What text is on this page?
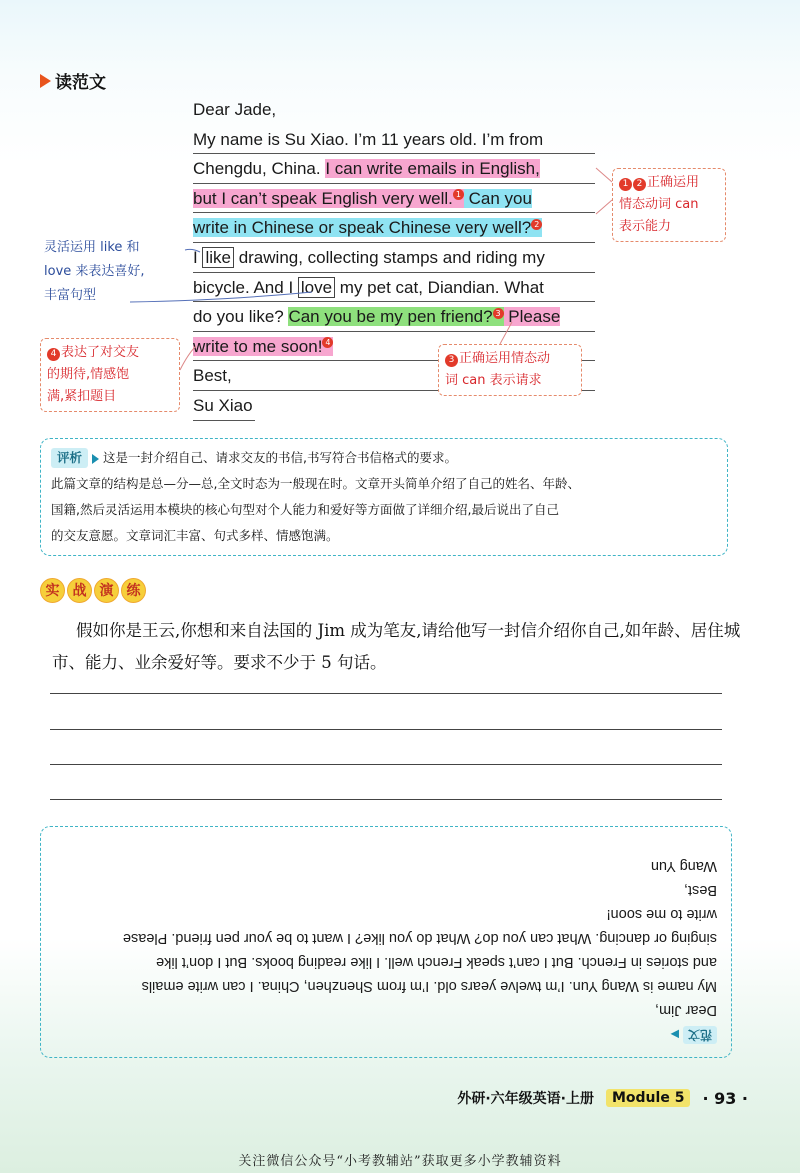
读范文
Dear Jade,
My name is Su Xiao. I’m 11 years old. I’m from
Chengdu, China. I can write emails in English,
but I can’t speak English very well. 1 Can you
write in Chinese or speak Chinese very well? 2
I like drawing, collecting stamps and riding my
bicycle. And I love my pet cat, Diandian. What
do you like? Can you be my pen friend? 3 Please
write to me soon! 4
Best,
Su Xiao
1 2 正确运用
情态动词 can
表示能力
灵活运用 like 和
love 来表达喜好,
丰富句型
4 表达了对交友
的期待,情感饱
满,紧扣题目
3 正确运用情态动
词 can 表示请求
评析 这是一封介绍自己、请求交友的书信,书写符合书信格式的要求。
此篇文章的结构是总—分—总,全文时态为一般现在时。文章开头简单介绍了自己的姓名、年龄、
国籍,然后灵活运用本模块的核心句型对个人能力和爱好等方面做了详细介绍,最后说出了自己
的交友意愿。文章词汇丰富、句式多样、情感饱满。
实 战 演 练
假如你是王云,你想和来自法国的 Jim 成为笔友,请给他写一封信介绍你自己,如年龄、居住城市、能力、业余爱好等。要求不少于 5 句话。
范文 ▶
Dear Jim,
My name is Wang Yun. I’m twelve years old. I’m from Shenzhen, China. I can write emails
and stories in French. But I can’t speak French well. I like reading books. But I don’t like
singing or dancing. What can you do? What do you like? I want to be your pen friend. Please
write to me soon!
Best,
Wang Yun
外研·六年级英语·上册	Module 5	· 93 ·
关注微信公众号“小考教辅站”获取更多小学教辅资料
